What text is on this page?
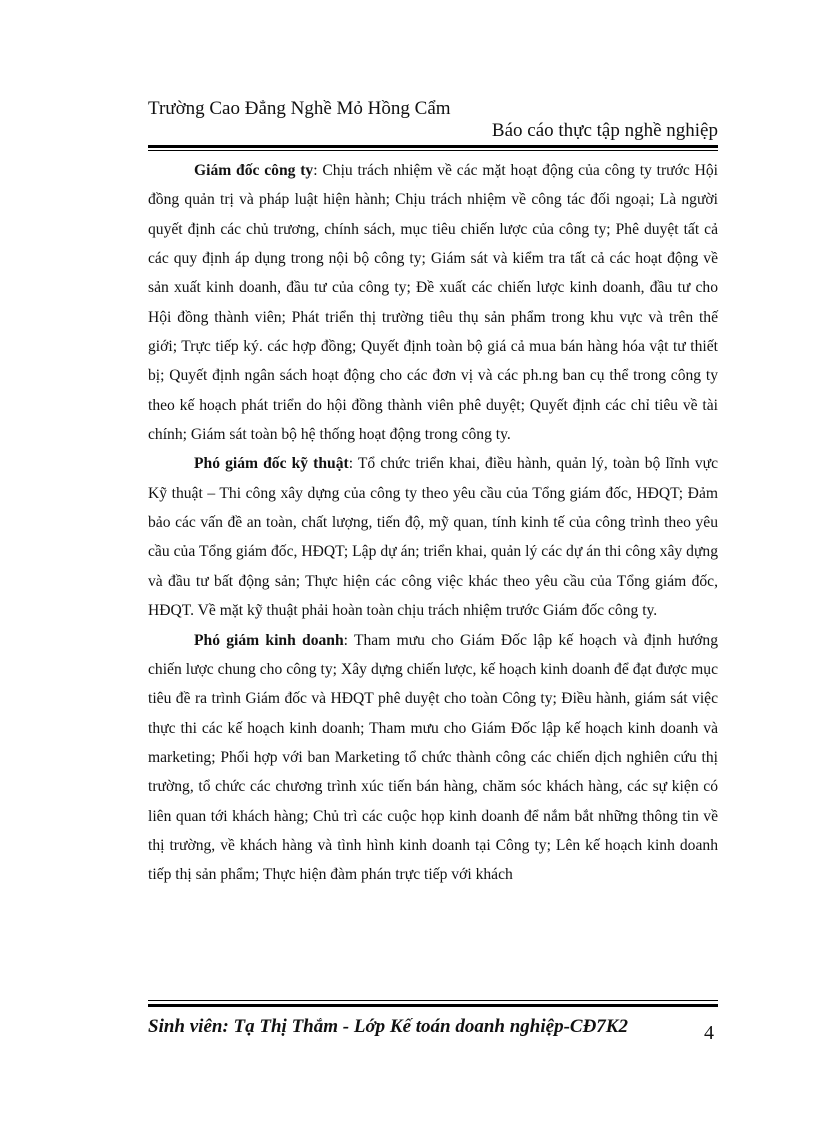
Trường Cao Đẳng Nghề Mỏ Hồng Cẩm
Báo cáo thực tập nghề nghiệp

Giám đốc công ty: Chịu trách nhiệm về các mặt hoạt động của công ty trước Hội đồng quản trị và pháp luật hiện hành; Chịu trách nhiệm về công tác đối ngoại; Là người quyết định các chủ trương, chính sách, mục tiêu chiến lược của công ty; Phê duyệt tất cả các quy định áp dụng trong nội bộ công ty; Giám sát và kiểm tra tất cả các hoạt động về sản xuất kinh doanh, đầu tư của công ty; Đề xuất các chiến lược kinh doanh, đầu tư cho Hội đồng thành viên; Phát triển thị trường tiêu thụ sản phẩm trong khu vực và trên thế giới; Trực tiếp ký. các hợp đồng; Quyết định toàn bộ giá cả mua bán hàng hóa vật tư thiết bị; Quyết định ngân sách hoạt động cho các đơn vị và các ph.ng ban cụ thể trong công ty theo kế hoạch phát triển do hội đồng thành viên phê duyệt; Quyết định các chỉ tiêu về tài chính; Giám sát toàn bộ hệ thống hoạt động trong công ty.

Phó giám đốc kỹ thuật: Tổ chức triển khai, điều hành, quản lý, toàn bộ lĩnh vực Kỹ thuật – Thi công xây dựng của công ty theo yêu cầu của Tổng giám đốc, HĐQT; Đảm bảo các vấn đề an toàn, chất lượng, tiến độ, mỹ quan, tính kinh tế của công trình theo yêu cầu của Tổng giám đốc, HĐQT; Lập dự án; triển khai, quản lý các dự án thi công xây dựng và đầu tư bất động sản; Thực hiện các công việc khác theo yêu cầu của Tổng giám đốc, HĐQT. Về mặt kỹ thuật phải hoàn toàn chịu trách nhiệm trước Giám đốc công ty.

Phó giám kinh doanh: Tham mưu cho Giám Đốc lập kế hoạch và định hướng chiến lược chung cho công ty; Xây dựng chiến lược, kế hoạch kinh doanh để đạt được mục tiêu đề ra trình Giám đốc và HĐQT phê duyệt cho toàn Công ty; Điều hành, giám sát việc thực thi các kế hoạch kinh doanh; Tham mưu cho Giám Đốc lập kế hoạch kinh doanh và marketing; Phối hợp với ban Marketing tổ chức thành công các chiến dịch nghiên cứu thị trường, tổ chức các chương trình xúc tiến bán hàng, chăm sóc khách hàng, các sự kiện có liên quan tới khách hàng; Chủ trì các cuộc họp kinh doanh để nắm bắt những thông tin về thị trường, về khách hàng và tình hình kinh doanh tại Công ty; Lên kế hoạch kinh doanh tiếp thị sản phẩm; Thực hiện đàm phán trực tiếp với khách

Sinh viên: Tạ Thị Thắm - Lớp Kế toán doanh nghiệp-CĐ7K2	4
